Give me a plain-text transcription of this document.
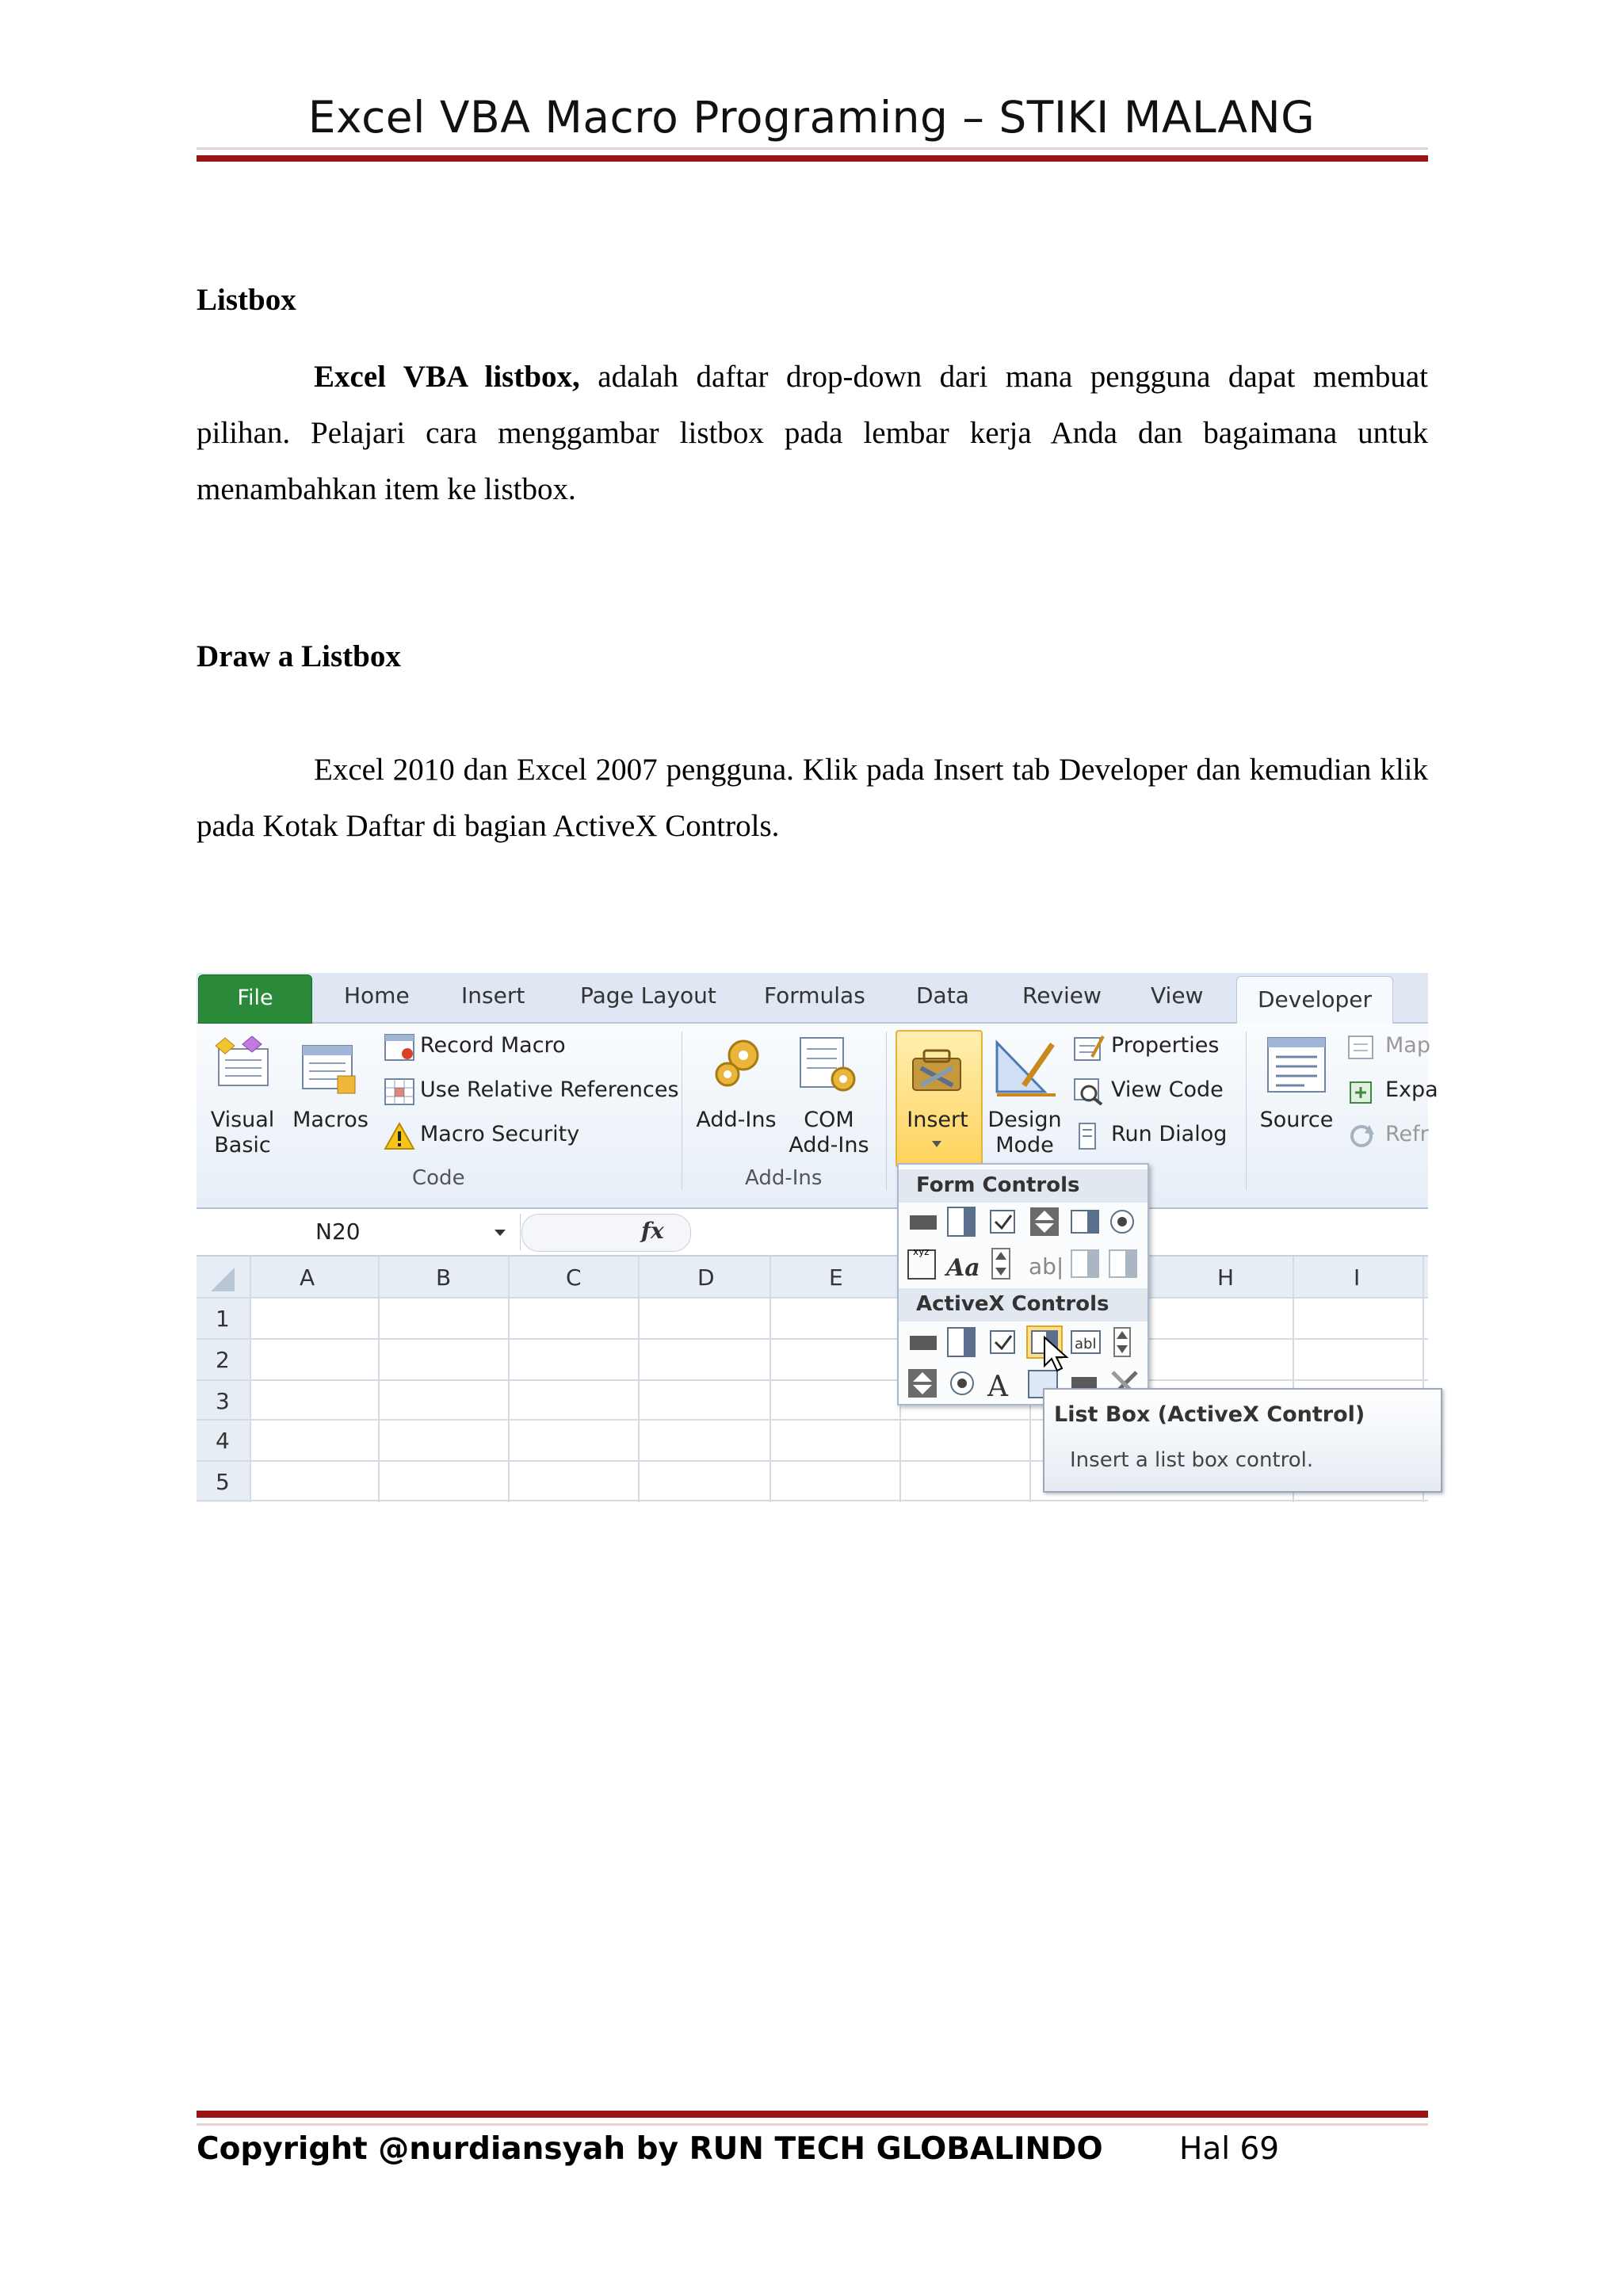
Excel VBA Macro Programing – STIKI MALANG
Listbox
Excel VBA listbox, adalah daftar drop-down dari mana pengguna dapat membuat pilihan. Pelajari cara menggambar listbox pada lembar kerja Anda dan bagaimana untuk menambahkan item ke listbox.
Draw a Listbox
Excel 2010 dan Excel 2007 pengguna. Klik pada Insert tab Developer dan kemudian klik pada Kotak Daftar di bagian ActiveX Controls.
File	Home Insert Page Layout Formulas Data Review View	Developer
Visual
Basic
Macros
Record Macro
Use Relative References
Macro Security
Code
Add-Ins	COM
Add-Ins
Add-Ins
Insert Design
Mode
Properties
View Code
Run Dialog
Source
Map
Expa
Refr
N20	fx
A	B	C	D	E	H	I
1
2
3
4
5
Form Controls
xyz
Aa ab|
ActiveX Controls
abl
A
List Box (ActiveX Control)
Insert a list box control.
Copyright @nurdiansyah by RUN TECH GLOBALINDO Hal 69
